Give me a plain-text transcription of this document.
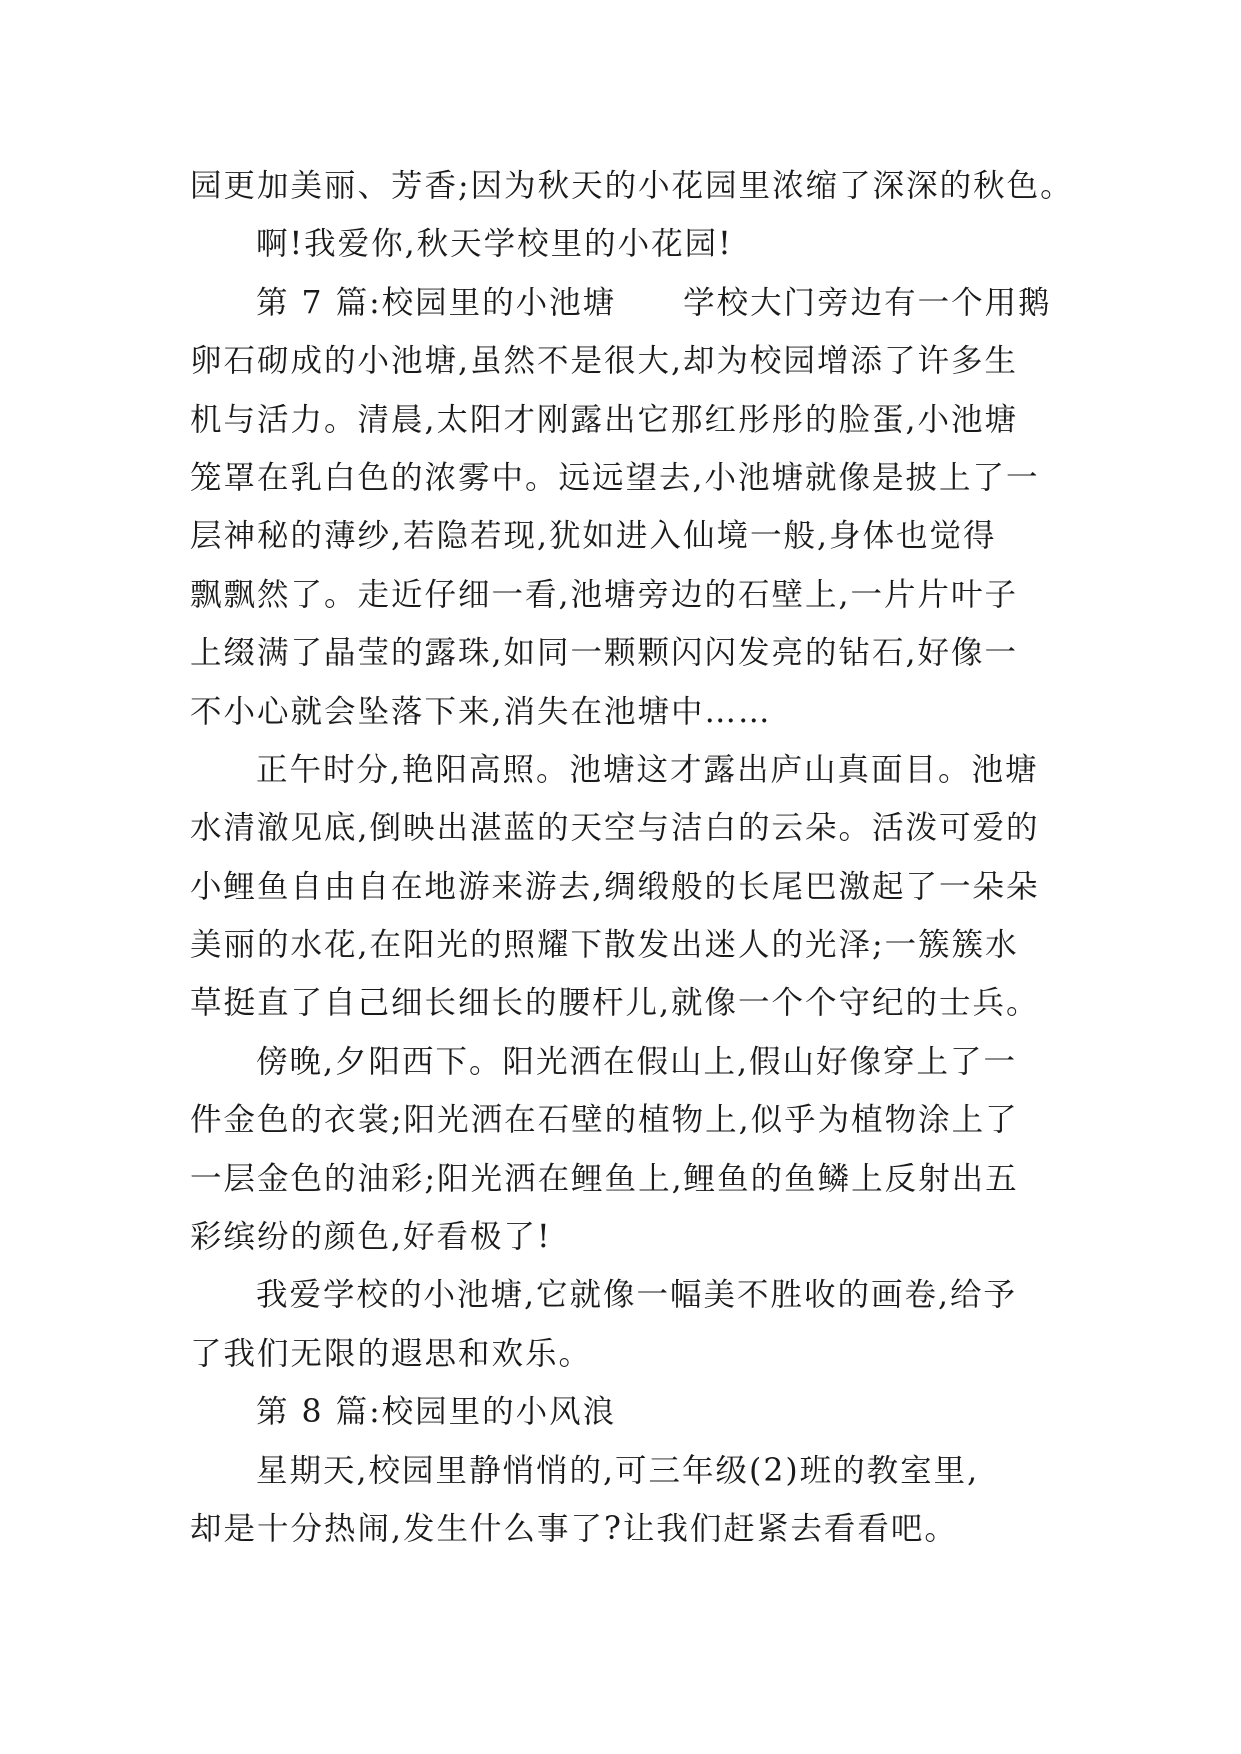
园更加美丽、芳香;因为秋天的小花园里浓缩了深深的秋色。
啊!我爱你,秋天学校里的小花园!
第 7 篇:校园里的小池塘　　学校大门旁边有一个用鹅
卵石砌成的小池塘,虽然不是很大,却为校园增添了许多生
机与活力。清晨,太阳才刚露出它那红彤彤的脸蛋,小池塘
笼罩在乳白色的浓雾中。远远望去,小池塘就像是披上了一
层神秘的薄纱,若隐若现,犹如进入仙境一般,身体也觉得
飘飘然了。走近仔细一看,池塘旁边的石壁上,一片片叶子
上缀满了晶莹的露珠,如同一颗颗闪闪发亮的钻石,好像一
不小心就会坠落下来,消失在池塘中……
正午时分,艳阳高照。池塘这才露出庐山真面目。池塘
水清澈见底,倒映出湛蓝的天空与洁白的云朵。活泼可爱的
小鲤鱼自由自在地游来游去,绸缎般的长尾巴激起了一朵朵
美丽的水花,在阳光的照耀下散发出迷人的光泽;一簇簇水
草挺直了自己细长细长的腰杆儿,就像一个个守纪的士兵。
傍晚,夕阳西下。阳光洒在假山上,假山好像穿上了一
件金色的衣裳;阳光洒在石壁的植物上,似乎为植物涂上了
一层金色的油彩;阳光洒在鲤鱼上,鲤鱼的鱼鳞上反射出五
彩缤纷的颜色,好看极了!
我爱学校的小池塘,它就像一幅美不胜收的画卷,给予
了我们无限的遐思和欢乐。
第 8 篇:校园里的小风浪
星期天,校园里静悄悄的,可三年级(2)班的教室里,
却是十分热闹,发生什么事了?让我们赶紧去看看吧。
